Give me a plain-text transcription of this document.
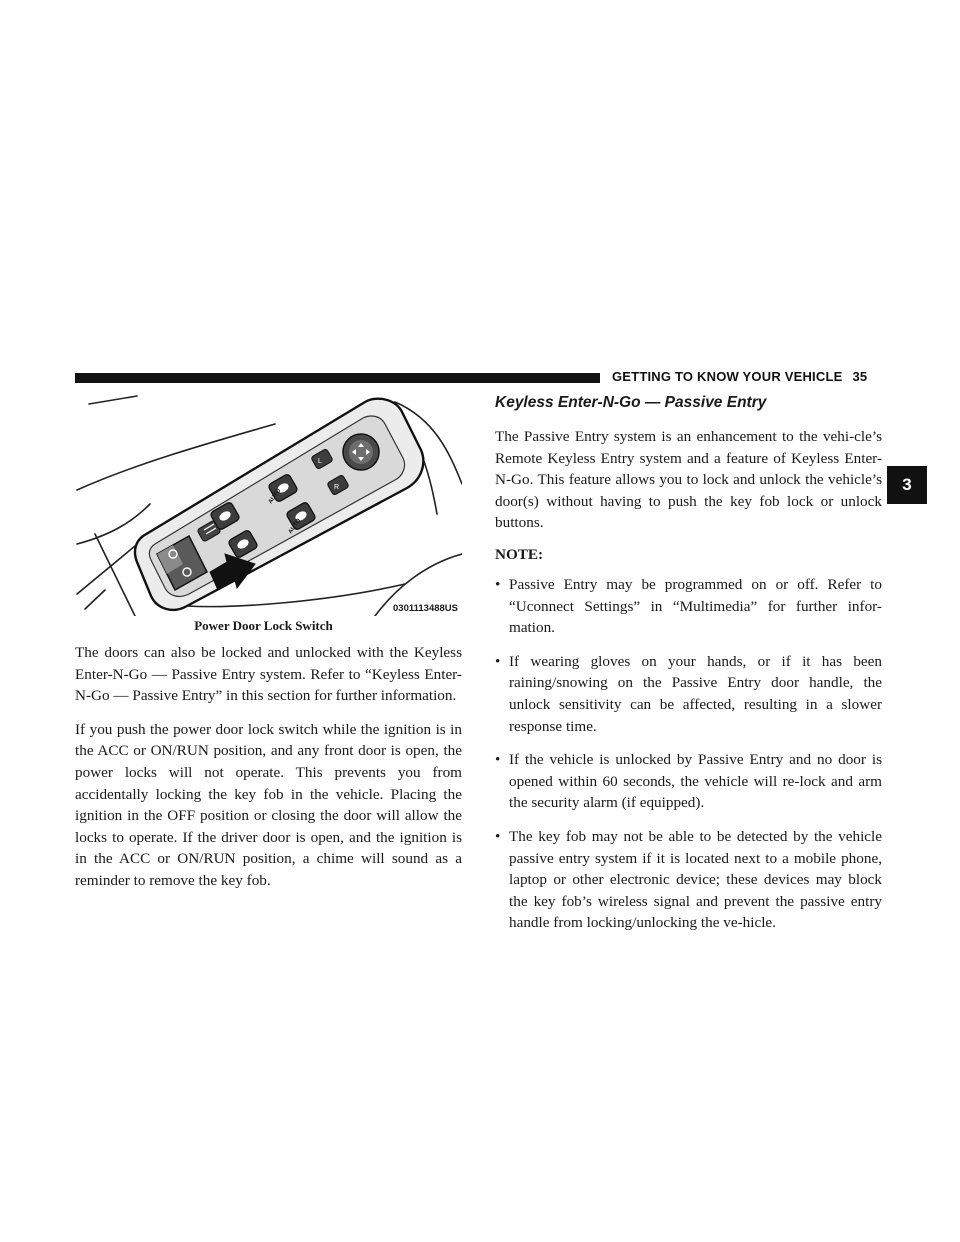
GETTING TO KNOW YOUR VEHICLE 35
3
AUTO
AUTO
L
R
0301113488US
Power Door Lock Switch

The doors can also be locked and unlocked with the Keyless Enter-N-Go — Passive Entry system. Refer to “Keyless Enter-N-Go — Passive Entry” in this section for further information.

If you push the power door lock switch while the ignition is in the ACC or ON/RUN position, and any front door is open, the power locks will not operate. This prevents you from accidentally locking the key fob in the vehicle. Placing the ignition in the OFF position or closing the door will allow the locks to operate. If the driver door is open, and the ignition is in the ACC or ON/RUN position, a chime will sound as a reminder to remove the key fob.

Keyless Enter-N-Go — Passive Entry

The Passive Entry system is an enhancement to the vehi-cle’s Remote Keyless Entry system and a feature of Keyless Enter-N-Go. This feature allows you to lock and unlock the vehicle’s door(s) without having to push the key fob lock or unlock buttons.

NOTE:
• Passive Entry may be programmed on or off. Refer to “Uconnect Settings” in “Multimedia” for further infor-mation.
• If wearing gloves on your hands, or if it has been raining/snowing on the Passive Entry door handle, the unlock sensitivity can be affected, resulting in a slower response time.
• If the vehicle is unlocked by Passive Entry and no door is opened within 60 seconds, the vehicle will re-lock and arm the security alarm (if equipped).
• The key fob may not be able to be detected by the vehicle passive entry system if it is located next to a mobile phone, laptop or other electronic device; these devices may block the key fob’s wireless signal and prevent the passive entry handle from locking/unlocking the ve-hicle.
